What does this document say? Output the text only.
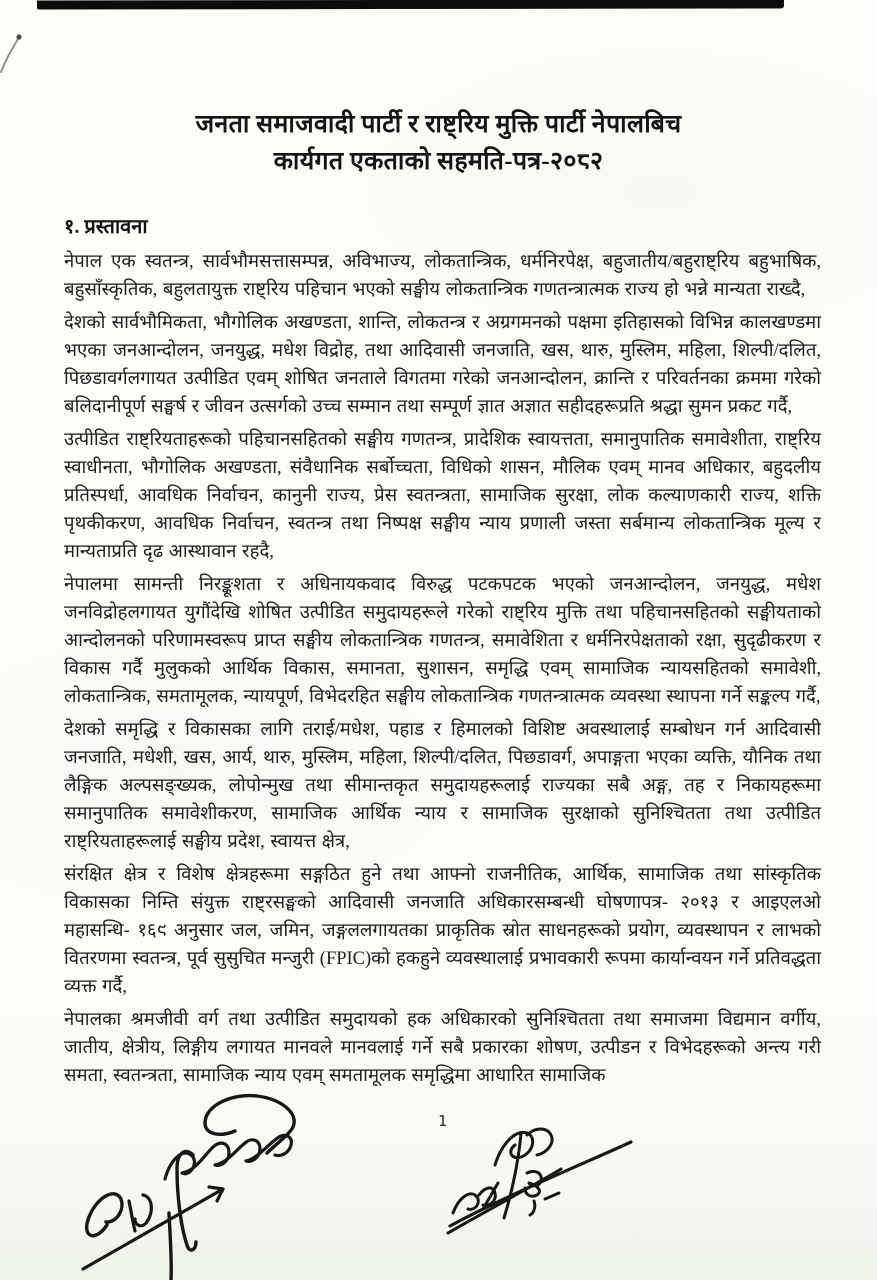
जनता समाजवादी पार्टी र राष्ट्रिय मुक्ति पार्टी नेपालबिच
कार्यगत एकताको सहमति-पत्र-२०८२
१. प्रस्तावना

नेपाल एक स्वतन्त्र, सार्वभौमसत्तासम्पन्न, अविभाज्य, लोकतान्त्रिक, धर्मनिरपेक्ष, बहुजातीय/बहुराष्ट्रिय बहुभाषिक, बहुसाँस्कृतिक, बहुलतायुक्त राष्ट्रिय पहिचान भएको सङ्घीय लोकतान्त्रिक गणतन्त्रात्मक राज्य हो भन्ने मान्यता राख्दै,

देशको सार्वभौमिकता, भौगोलिक अखण्डता, शान्ति, लोकतन्त्र र अग्रगमनको पक्षमा इतिहासको विभिन्न कालखण्डमा भएका जनआन्दोलन, जनयुद्ध, मधेश विद्रोह, तथा आदिवासी जनजाति, खस, थारु, मुस्लिम, महिला, शिल्पी/दलित, पिछडावर्गलगायत उत्पीडित एवम् शोषित जनताले विगतमा गरेको जनआन्दोलन, क्रान्ति र परिवर्तनका क्रममा गरेको बलिदानीपूर्ण सङ्घर्ष र जीवन उत्सर्गको उच्च सम्मान तथा सम्पूर्ण ज्ञात अज्ञात सहीदहरूप्रति श्रद्धा सुमन प्रकट गर्दै,

उत्पीडित राष्ट्रियताहरूको पहिचानसहितको सङ्घीय गणतन्त्र, प्रादेशिक स्वायत्तता, समानुपातिक समावेशीता, राष्ट्रिय स्वाधीनता, भौगोलिक अखण्डता, संवैधानिक सर्बोच्चता, विधिको शासन, मौलिक एवम् मानव अधिकार, बहुदलीय प्रतिस्पर्धा, आवधिक निर्वाचन, कानुनी राज्य, प्रेस स्वतन्त्रता, सामाजिक सुरक्षा, लोक कल्याणकारी राज्य, शक्ति पृथकीकरण, आवधिक निर्वाचन, स्वतन्त्र तथा निष्पक्ष सङ्घीय न्याय प्रणाली जस्ता सर्बमान्य लोकतान्त्रिक मूल्य र मान्यताप्रति दृढ आस्थावान रहदै,

नेपालमा सामन्ती निरङ्कूशता र अधिनायकवाद विरुद्ध पटकपटक भएको जनआन्दोलन, जनयुद्ध, मधेश जनविद्रोहलगायत युगौंदेखि शोषित उत्पीडित समुदायहरूले गरेको राष्ट्रिय मुक्ति तथा पहिचानसहितको सङ्घीयताको आन्दोलनको परिणामस्वरूप प्राप्त सङ्घीय लोकतान्त्रिक गणतन्त्र, समावेशिता र धर्मनिरपेक्षताको रक्षा, सुदृढीकरण र विकास गर्दै मुलुकको आर्थिक विकास, समानता, सुशासन, समृद्धि एवम् सामाजिक न्यायसहितको समावेशी, लोकतान्त्रिक, समतामूलक, न्यायपूर्ण, विभेदरहित सङ्घीय लोकतान्त्रिक गणतन्त्रात्मक व्यवस्था स्थापना गर्ने सङ्कल्प गर्दै,

देशको समृद्धि र विकासका लागि तराई/मधेश, पहाड र हिमालको विशिष्ट अवस्थालाई सम्बोधन गर्न आदिवासी जनजाति, मधेशी, खस, आर्य, थारु, मुस्लिम, महिला, शिल्पी/दलित, पिछडावर्ग, अपाङ्गता भएका व्यक्ति, यौनिक तथा लैङ्गिक अल्पसङ्ख्यक, लोपोन्मुख तथा सीमान्तकृत समुदायहरूलाई राज्यका सबै अङ्ग, तह र निकायहरूमा समानुपातिक समावेशीकरण, सामाजिक आर्थिक न्याय र सामाजिक सुरक्षाको सुनिश्चितता तथा उत्पीडित राष्ट्रियताहरूलाई सङ्घीय प्रदेश, स्वायत्त क्षेत्र,

संरक्षित क्षेत्र र विशेष क्षेत्रहरूमा सङ्गठित हुने तथा आफ्नो राजनीतिक, आर्थिक, सामाजिक तथा सांस्कृतिक विकासका निम्ति संयुक्त राष्ट्रसङ्घको आदिवासी जनजाति अधिकारसम्बन्धी घोषणापत्र- २०१३ र आइएलओ महासन्धि- १६९ अनुसार जल, जमिन, जङ्गललगायतका प्राकृतिक स्रोत साधनहरूको प्रयोग, व्यवस्थापन र लाभको वितरणमा स्वतन्त्र, पूर्व सुसुचित मन्जुरी (FPIC)को हकहुने व्यवस्थालाई प्रभावकारी रूपमा कार्यान्वयन गर्ने प्रतिवद्धता व्यक्त गर्दै,

नेपालका श्रमजीवी वर्ग तथा उत्पीडित समुदायको हक अधिकारको सुनिश्चितता तथा समाजमा विद्यमान वर्गीय, जातीय, क्षेत्रीय, लिङ्गीय लगायत मानवले मानवलाई गर्ने सबै प्रकारका शोषण, उत्पीडन र विभेदहरूको अन्त्य गरी समता, स्वतन्त्रता, सामाजिक न्याय एवम् समतामूलक समृद्धिमा आधारित सामाजिक

1
